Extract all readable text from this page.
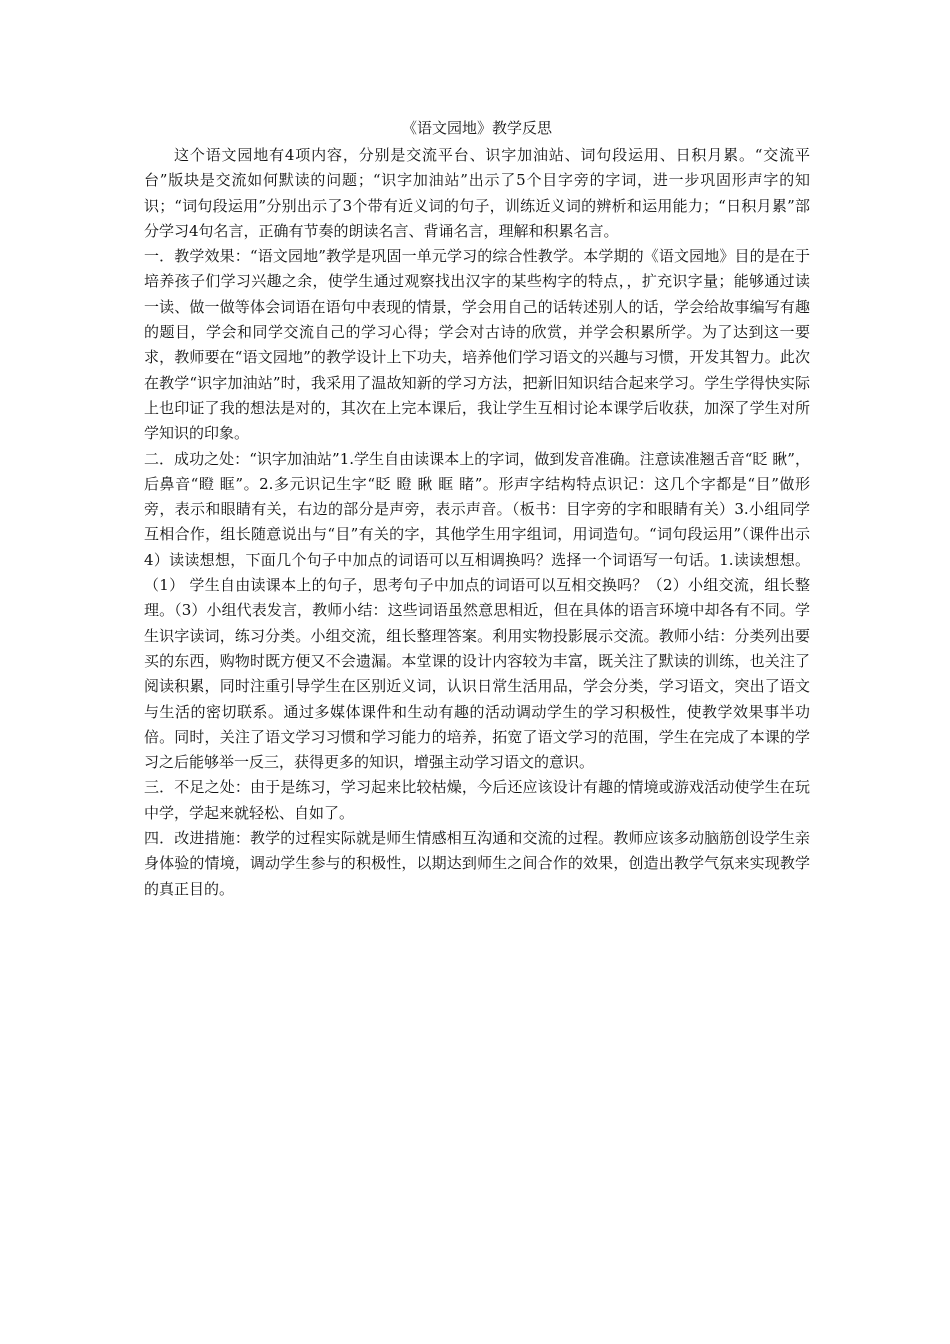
《语文园地》教学反思

这个语文园地有4项内容，分别是交流平台、识字加油站、词句段运用、日积月累。“交流平台”版块是交流如何默读的问题；“识字加油站”出示了5个目字旁的字词，进一步巩固形声字的知识；“词句段运用”分别出示了3个带有近义词的句子，训练近义词的辨析和运用能力；“日积月累”部分学习4句名言，正确有节奏的朗读名言、背诵名言，理解和积累名言。

一．教学效果：“语文园地”教学是巩固一单元学习的综合性教学。本学期的《语文园地》目的是在于培养孩子们学习兴趣之余，使学生通过观察找出汉字的某些构字的特点，，扩充识字量；能够通过读一读、做一做等体会词语在语句中表现的情景，学会用自己的话转述别人的话，学会给故事编写有趣的题目，学会和同学交流自己的学习心得；学会对古诗的欣赏，并学会积累所学。为了达到这一要求，教师要在“语文园地”的教学设计上下功夫，培养他们学习语文的兴趣与习惯，开发其智力。此次在教学“识字加油站”时，我采用了温故知新的学习方法，把新旧知识结合起来学习。学生学得快实际上也印证了我的想法是对的，其次在上完本课后，我让学生互相讨论本课学后收获，加深了学生对所学知识的印象。

二．成功之处：“识字加油站”1.学生自由读课本上的字词，做到发音准确。注意读准翘舌音“眨 瞅”，后鼻音“瞪 眶”。2.多元识记生字“眨 瞪 瞅 眶 睹”。形声字结构特点识记：这几个字都是“目”做形旁，表示和眼睛有关，右边的部分是声旁，表示声音。（板书：目字旁的字和眼睛有关）3.小组同学互相合作，组长随意说出与“目”有关的字，其他学生用字组词，用词造句。“词句段运用”（课件出示4）读读想想，下面几个句子中加点的词语可以互相调换吗？选择一个词语写一句话。1.读读想想。（1） 学生自由读课本上的句子，思考句子中加点的词语可以互相交换吗？（2）小组交流，组长整理。（3）小组代表发言，教师小结：这些词语虽然意思相近，但在具体的语言环境中却各有不同。学生识字读词，练习分类。小组交流，组长整理答案。利用实物投影展示交流。教师小结：分类列出要买的东西，购物时既方便又不会遗漏。本堂课的设计内容较为丰富，既关注了默读的训练，也关注了阅读积累，同时注重引导学生在区别近义词，认识日常生活用品，学会分类，学习语文，突出了语文与生活的密切联系。通过多媒体课件和生动有趣的活动调动学生的学习积极性，使教学效果事半功倍。同时，关注了语文学习习惯和学习能力的培养，拓宽了语文学习的范围，学生在完成了本课的学习之后能够举一反三，获得更多的知识，增强主动学习语文的意识。

三．不足之处：由于是练习，学习起来比较枯燥，今后还应该设计有趣的情境或游戏活动使学生在玩中学，学起来就轻松、自如了。

四．改进措施：教学的过程实际就是师生情感相互沟通和交流的过程。教师应该多动脑筋创设学生亲身体验的情境，调动学生参与的积极性，以期达到师生之间合作的效果，创造出教学气氛来实现教学的真正目的。
